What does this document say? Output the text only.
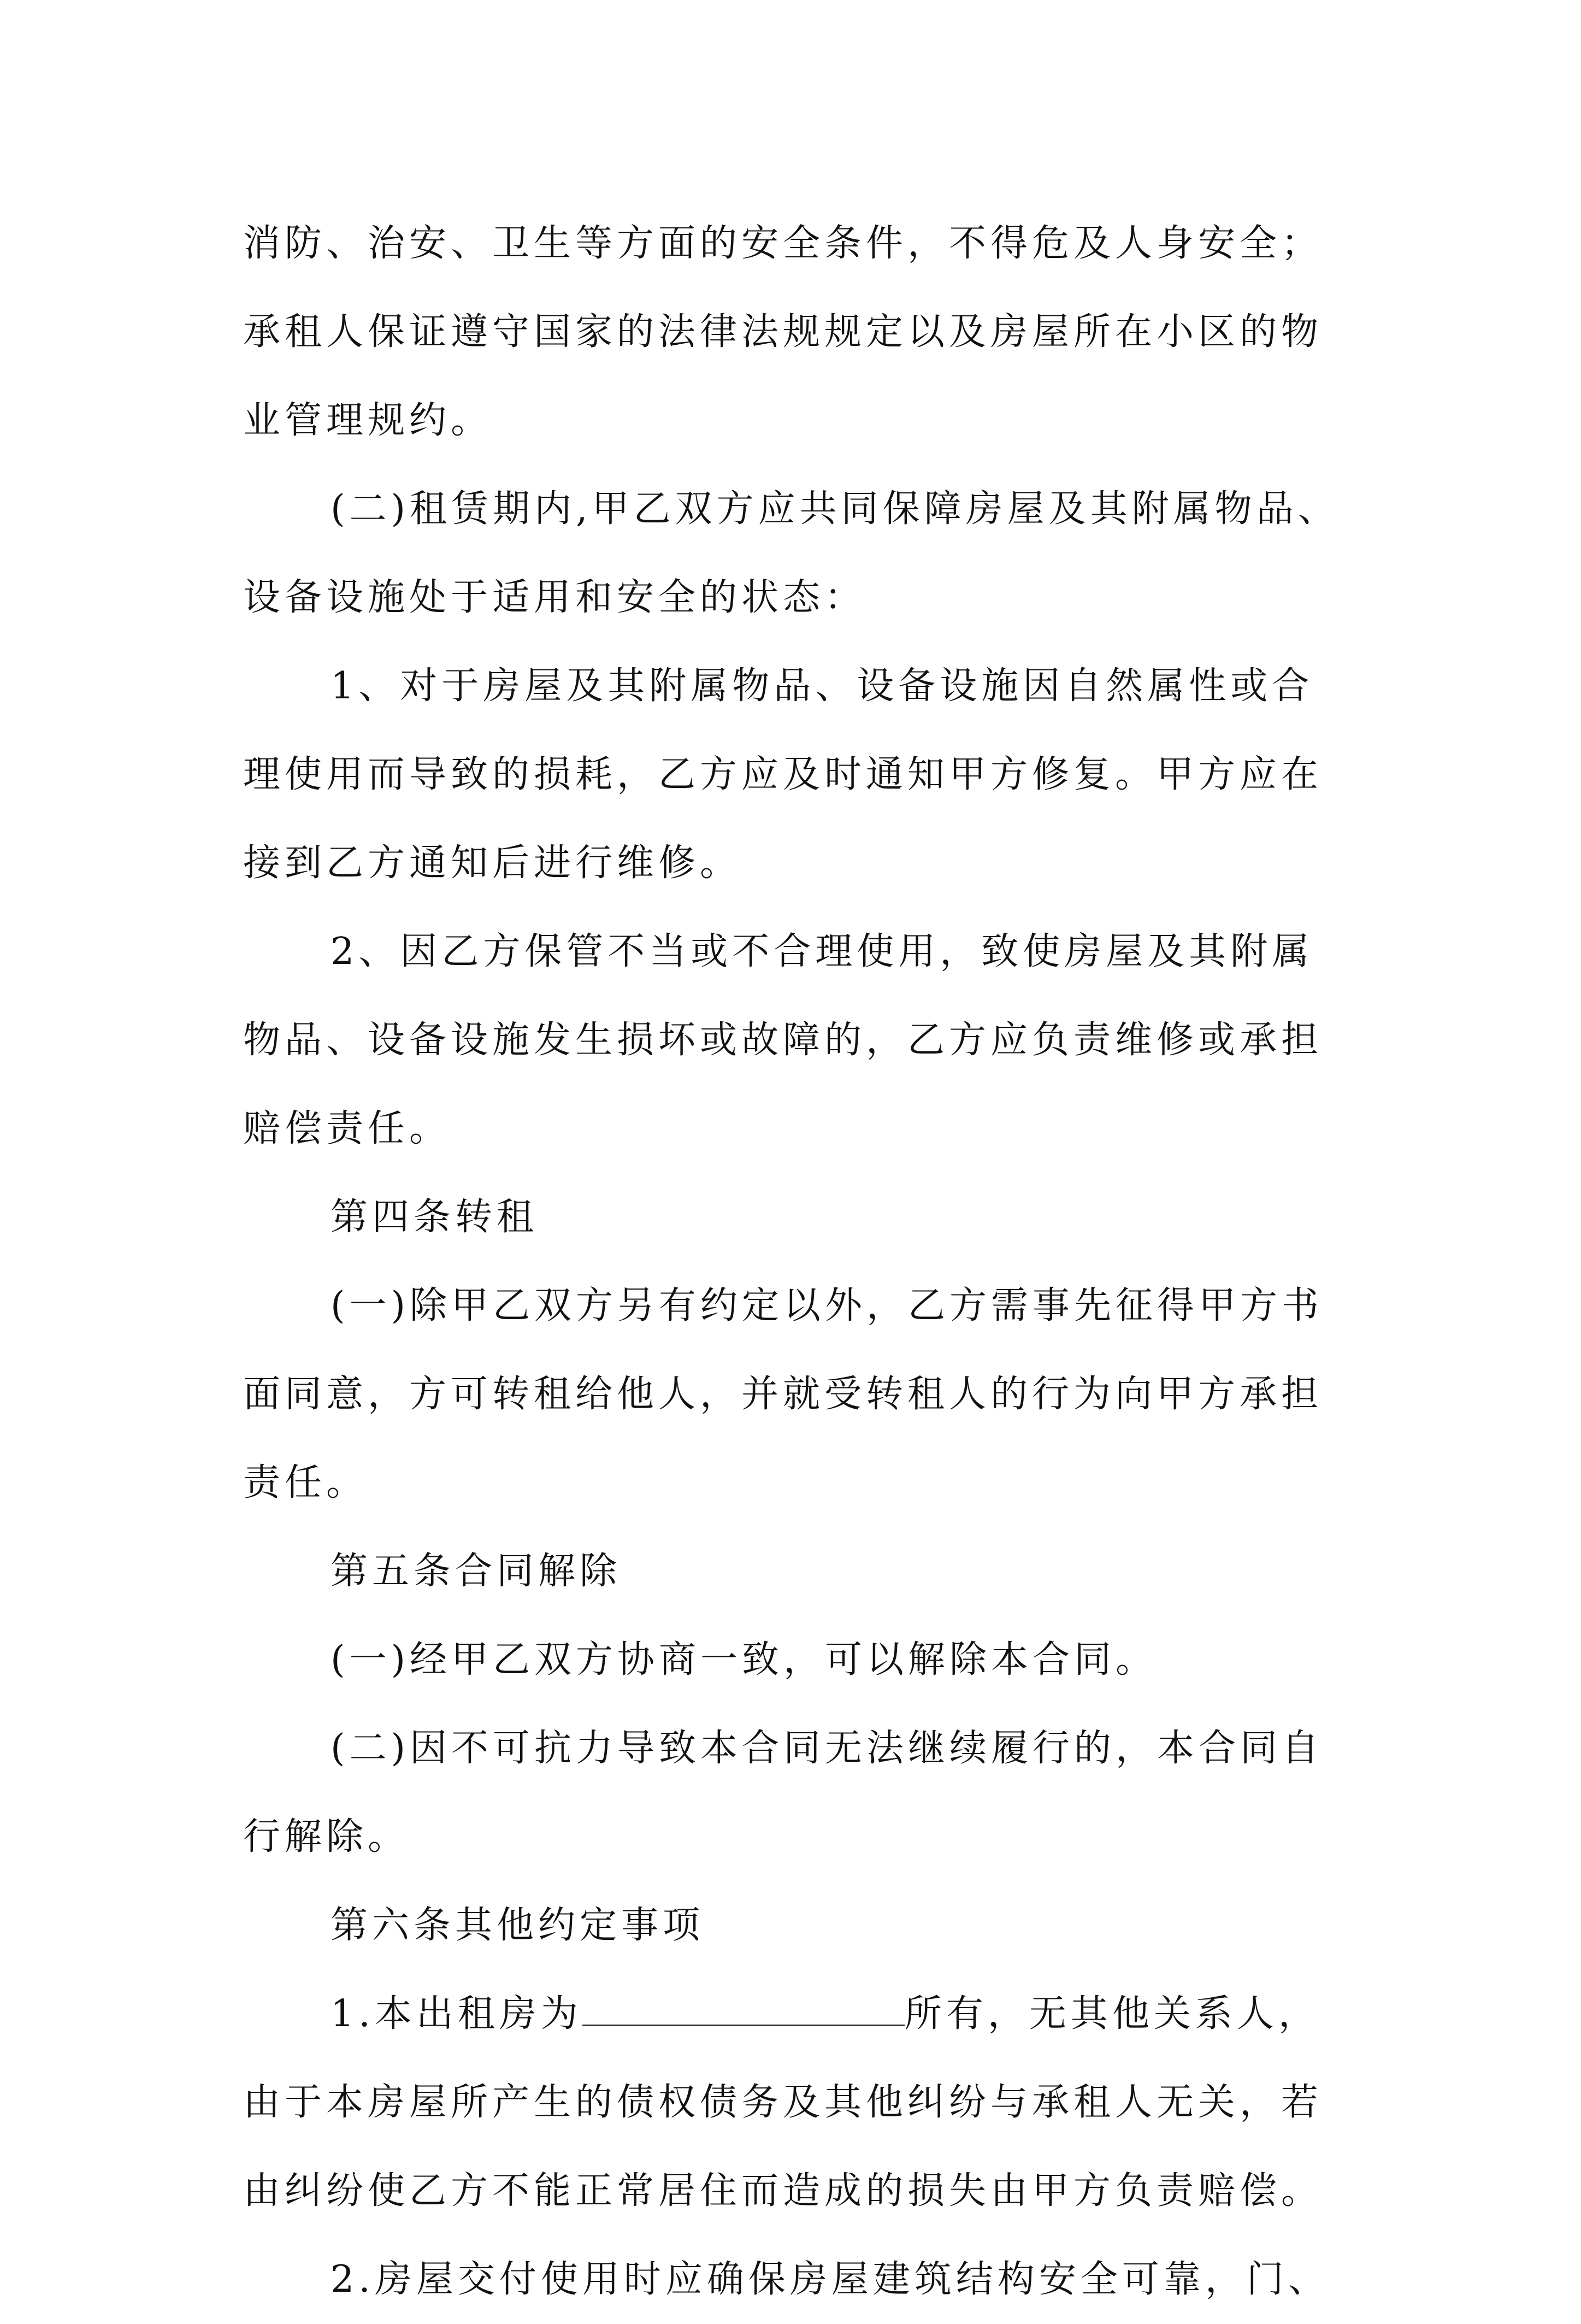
消防、治安、卫生等方面的安全条件，不得危及人身安全；承租人保证遵守国家的法律法规规定以及房屋所在小区的物业管理规约。

(二)租赁期内,甲乙双方应共同保障房屋及其附属物品、设备设施处于适用和安全的状态：

1、对于房屋及其附属物品、设备设施因自然属性或合理使用而导致的损耗，乙方应及时通知甲方修复。甲方应在接到乙方通知后进行维修。

2、因乙方保管不当或不合理使用，致使房屋及其附属物品、设备设施发生损坏或故障的，乙方应负责维修或承担赔偿责任。

第四条转租

(一)除甲乙双方另有约定以外，乙方需事先征得甲方书面同意，方可转租给他人，并就受转租人的行为向甲方承担责任。

第五条合同解除

(一)经甲乙双方协商一致，可以解除本合同。

(二)因不可抗力导致本合同无法继续履行的，本合同自行解除。

第六条其他约定事项

1.本出租房为	所有，无其他关系人，

由于本房屋所产生的债权债务及其他纠纷与承租人无关，若由纠纷使乙方不能正常居住而造成的损失由甲方负责赔偿。

2.房屋交付使用时应确保房屋建筑结构安全可靠，门、
